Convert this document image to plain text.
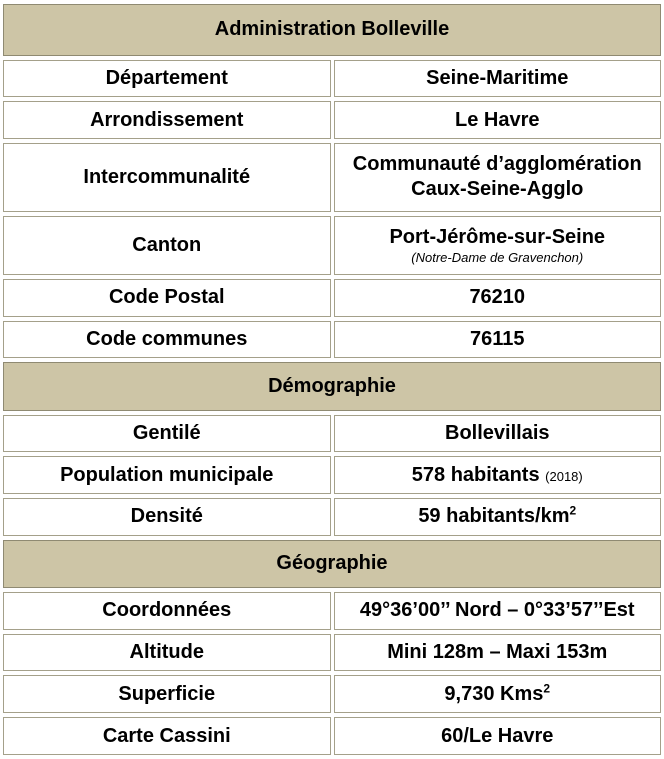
Administration Bolleville	
Département	Seine-Maritime
Arrondissement	Le Havre
Intercommunalité	Communauté d’agglomération
Caux-Seine-Agglo
Canton	Port-Jérôme-sur-Seine
(Notre-Dame de Gravenchon)

Code Postal	76210
Code communes	76115
Démographie	
Gentilé	Bollevillais
Population municipale	578 habitants (2018)
Densité	59 habitants/$km^2$
Géographie	
Coordonnées	49°36’00’’ Nord – 0°33’57’’Est
Altitude	Mini 128m – Maxi 153m
Superficie	9,730 Kms$^2$
Carte Cassini	60/Le Havre
